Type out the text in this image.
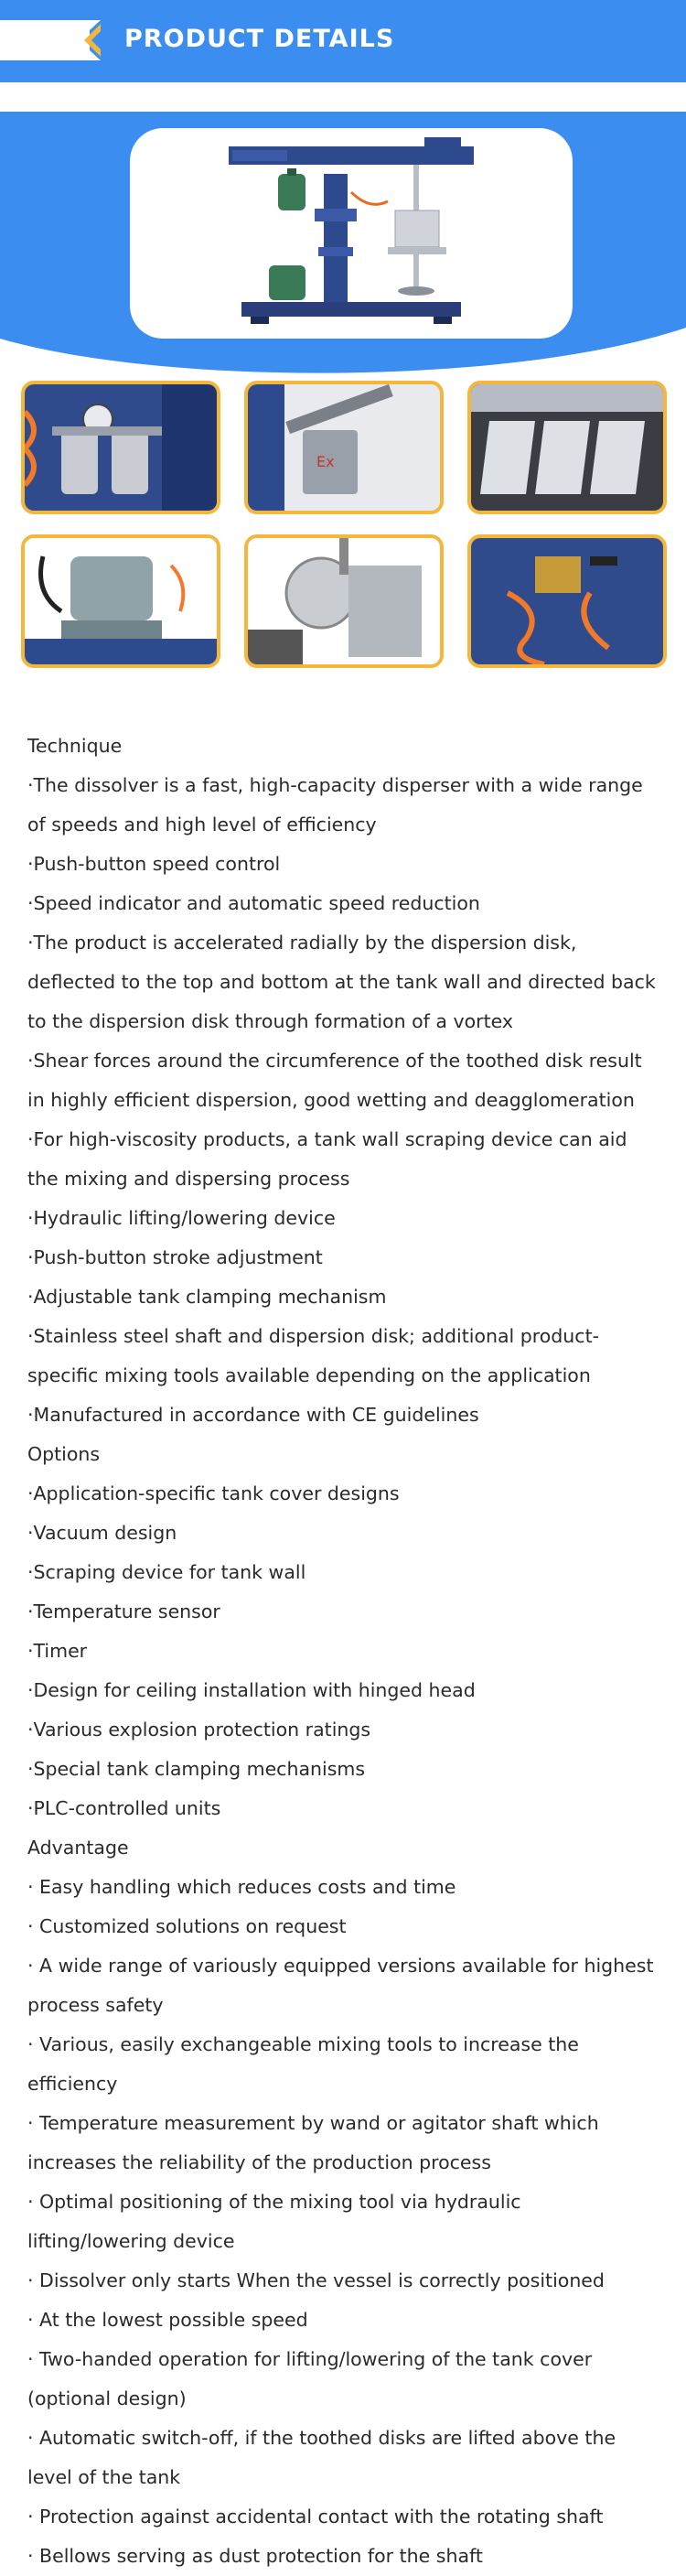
PRODUCT DETAILS
Ex
Technique
·The dissolver is a fast, high-capacity disperser with a wide range of speeds and high level of efficiency
·Push-button speed control
·Speed indicator and automatic speed reduction
·The product is accelerated radially by the dispersion disk, deflected to the top and bottom at the tank wall and directed back to the dispersion disk through formation of a vortex
·Shear forces around the circumference of the toothed disk result in highly efficient dispersion, good wetting and deagglomeration
·For high-viscosity products, a tank wall scraping device can aid the mixing and dispersing process
·Hydraulic lifting/lowering device
·Push-button stroke adjustment
·Adjustable tank clamping mechanism
·Stainless steel shaft and dispersion disk; additional product-specific mixing tools available depending on the application
·Manufactured in accordance with CE guidelines
Options
·Application-specific tank cover designs
·Vacuum design
·Scraping device for tank wall
·Temperature sensor
·Timer
·Design for ceiling installation with hinged head
·Various explosion protection ratings
·Special tank clamping mechanisms
·PLC-controlled units
Advantage
· Easy handling which reduces costs and time
· Customized solutions on request
· A wide range of variously equipped versions available for highest process safety
· Various, easily exchangeable mixing tools to increase the efficiency
· Temperature measurement by wand or agitator shaft which increases the reliability of the production process
· Optimal positioning of the mixing tool via hydraulic lifting/lowering device
· Dissolver only starts When the vessel is correctly positioned
· At the lowest possible speed
· Two-handed operation for lifting/lowering of the tank cover (optional design)
· Automatic switch-off, if the toothed disks are lifted above the level of the tank
· Protection against accidental contact with the rotating shaft
· Bellows serving as dust protection for the shaft
